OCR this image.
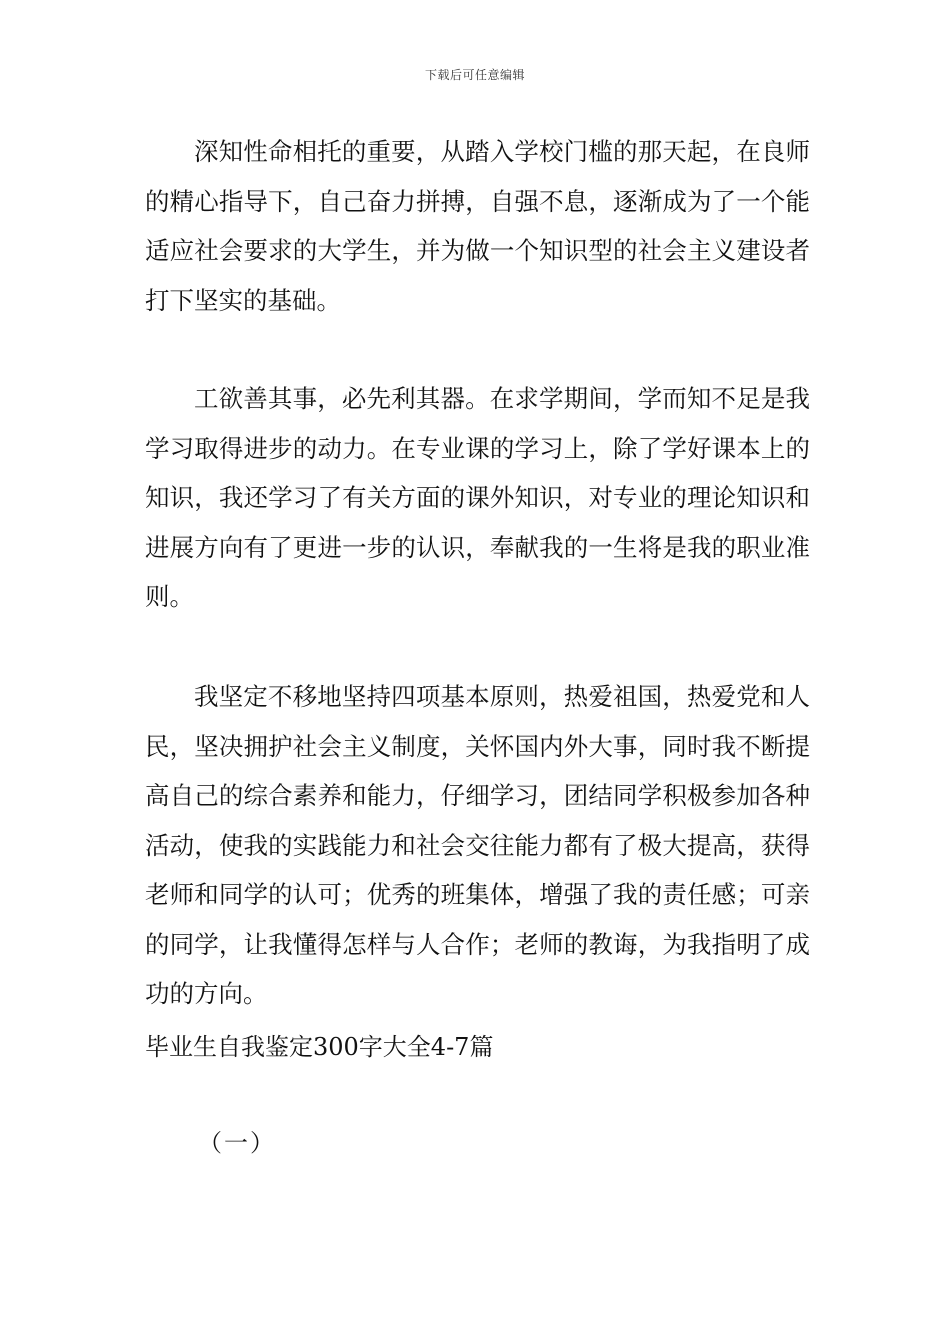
下载后可任意编辑
深知性命相托的重要，从踏入学校门槛的那天起，在良师的精心指导下，自己奋力拼搏，自强不息，逐渐成为了一个能适应社会要求的大学生，并为做一个知识型的社会主义建设者打下坚实的基础。
工欲善其事，必先利其器。在求学期间，学而知不足是我学习取得进步的动力。在专业课的学习上，除了学好课本上的知识，我还学习了有关方面的课外知识，对专业的理论知识和进展方向有了更进一步的认识，奉献我的一生将是我的职业准则。
我坚定不移地坚持四项基本原则，热爱祖国，热爱党和人民，坚决拥护社会主义制度，关怀国内外大事，同时我不断提高自己的综合素养和能力，仔细学习，团结同学积极参加各种活动，使我的实践能力和社会交往能力都有了极大提高，获得老师和同学的认可；优秀的班集体，增强了我的责任感；可亲的同学，让我懂得怎样与人合作；老师的教诲，为我指明了成功的方向。
毕业生自我鉴定300字大全4-7篇
（一）
